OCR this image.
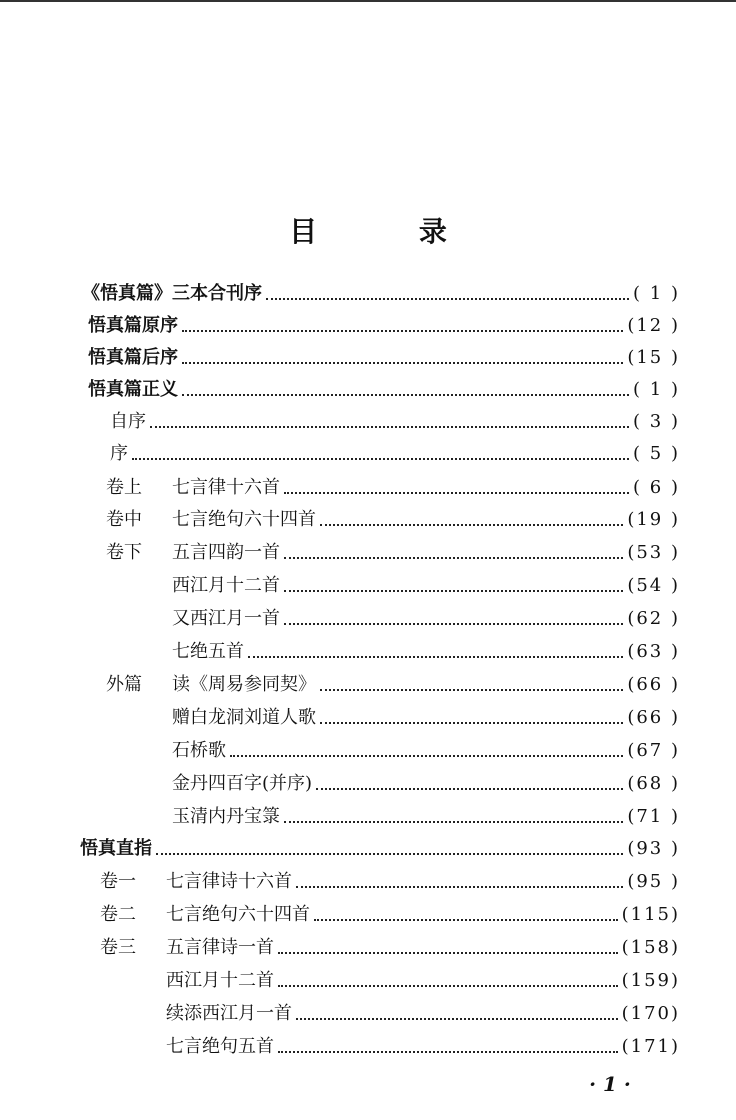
目 录
《悟真篇》三本合刊序	( 1 )
悟真篇原序	(12 )
悟真篇后序	(15 )
悟真篇正义	( 1 )
自序	( 3 )
序	( 5 )
卷上	七言律十六首	( 6 )
卷中	七言绝句六十四首	(19 )
卷下	五言四韵一首	(53 )
西江月十二首	(54 )
又西江月一首	(62 )
七绝五首	(63 )
外篇	读《周易参同契》	(66 )
赠白龙洞刘道人歌	(66 )
石桥歌	(67 )
金丹四百字(并序)	(68 )
玉清内丹宝箓	(71 )
悟真直指	(93 )
卷一	七言律诗十六首	(95 )
卷二	七言绝句六十四首	(115)
卷三	五言律诗一首	(158)
西江月十二首	(159)
续添西江月一首	(170)
七言绝句五首	(171)
· 1 ·
